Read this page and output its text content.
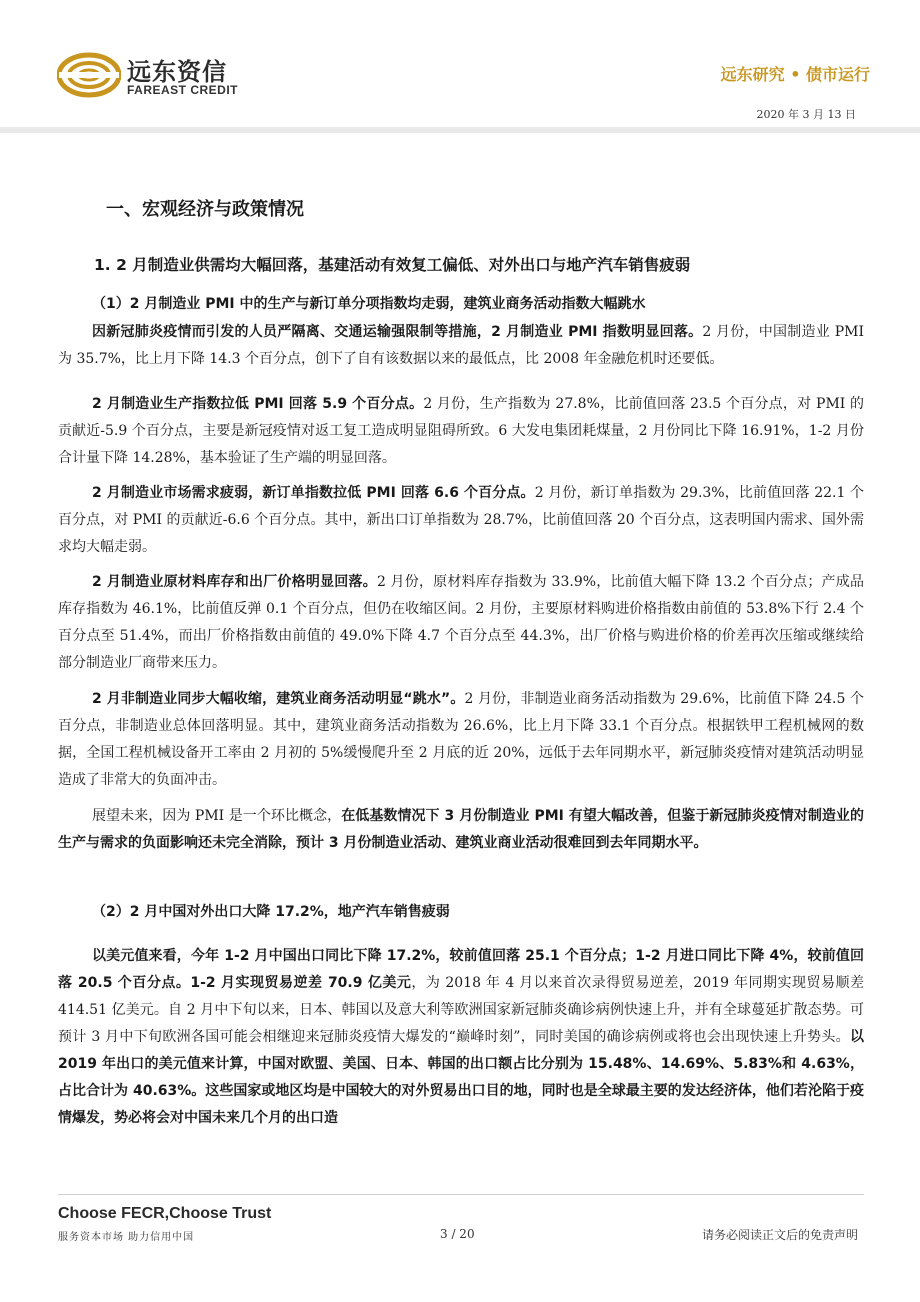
远东资信
FAREAST CREDIT
远东研究 • 债市运行
2020 年 3 月 13 日
一、宏观经济与政策情况
1. 2 月制造业供需均大幅回落，基建活动有效复工偏低、对外出口与地产汽车销售疲弱
（1）2 月制造业 PMI 中的生产与新订单分项指数均走弱，建筑业商务活动指数大幅跳水

因新冠肺炎疫情而引发的人员严隔离、交通运输强限制等措施，2 月制造业 PMI 指数明显回落。2 月份，中国制造业 PMI 为 35.7%，比上月下降 14.3 个百分点，创下了自有该数据以来的最低点，比 2008 年金融危机时还要低。

2 月制造业生产指数拉低 PMI 回落 5.9 个百分点。2 月份，生产指数为 27.8%，比前值回落 23.5 个百分点，对 PMI 的贡献近-5.9 个百分点，主要是新冠疫情对返工复工造成明显阻碍所致。6 大发电集团耗煤量，2 月份同比下降 16.91%，1-2 月份合计量下降 14.28%，基本验证了生产端的明显回落。

2 月制造业市场需求疲弱，新订单指数拉低 PMI 回落 6.6 个百分点。2 月份，新订单指数为 29.3%，比前值回落 22.1 个百分点，对 PMI 的贡献近-6.6 个百分点。其中，新出口订单指数为 28.7%，比前值回落 20 个百分点，这表明国内需求、国外需求均大幅走弱。

2 月制造业原材料库存和出厂价格明显回落。2 月份，原材料库存指数为 33.9%，比前值大幅下降 13.2 个百分点；产成品库存指数为 46.1%，比前值反弹 0.1 个百分点，但仍在收缩区间。2 月份，主要原材料购进价格指数由前值的 53.8%下行 2.4 个百分点至 51.4%，而出厂价格指数由前值的 49.0%下降 4.7 个百分点至 44.3%，出厂价格与购进价格的价差再次压缩或继续给部分制造业厂商带来压力。

2 月非制造业同步大幅收缩，建筑业商务活动明显“跳水”。2 月份，非制造业商务活动指数为 29.6%，比前值下降 24.5 个百分点，非制造业总体回落明显。其中，建筑业商务活动指数为 26.6%，比上月下降 33.1 个百分点。根据铁甲工程机械网的数据，全国工程机械设备开工率由 2 月初的 5%缓慢爬升至 2 月底的近 20%，远低于去年同期水平，新冠肺炎疫情对建筑活动明显造成了非常大的负面冲击。

展望未来，因为 PMI 是一个环比概念，在低基数情况下 3 月份制造业 PMI 有望大幅改善，但鉴于新冠肺炎疫情对制造业的生产与需求的负面影响还未完全消除，预计 3 月份制造业活动、建筑业商业活动很难回到去年同期水平。

（2）2 月中国对外出口大降 17.2%，地产汽车销售疲弱

以美元值来看，今年 1-2 月中国出口同比下降 17.2%，较前值回落 25.1 个百分点；1-2 月进口同比下降 4%，较前值回落 20.5 个百分点。1-2 月实现贸易逆差 70.9 亿美元，为 2018 年 4 月以来首次录得贸易逆差，2019 年同期实现贸易顺差 414.51 亿美元。自 2 月中下旬以来，日本、韩国以及意大利等欧洲国家新冠肺炎确诊病例快速上升，并有全球蔓延扩散态势。可预计 3 月中下旬欧洲各国可能会相继迎来冠肺炎疫情大爆发的“巅峰时刻”，同时美国的确诊病例或将也会出现快速上升势头。以 2019 年出口的美元值来计算，中国对欧盟、美国、日本、韩国的出口额占比分别为 15.48%、14.69%、5.83%和 4.63%，占比合计为 40.63%。这些国家或地区均是中国较大的对外贸易出口目的地，同时也是全球最主要的发达经济体，他们若沦陷于疫情爆发，势必将会对中国未来几个月的出口造

Choose FECR,Choose Trust
服务资本市场 助力信用中国	3 / 20	请务必阅读正文后的免责声明
